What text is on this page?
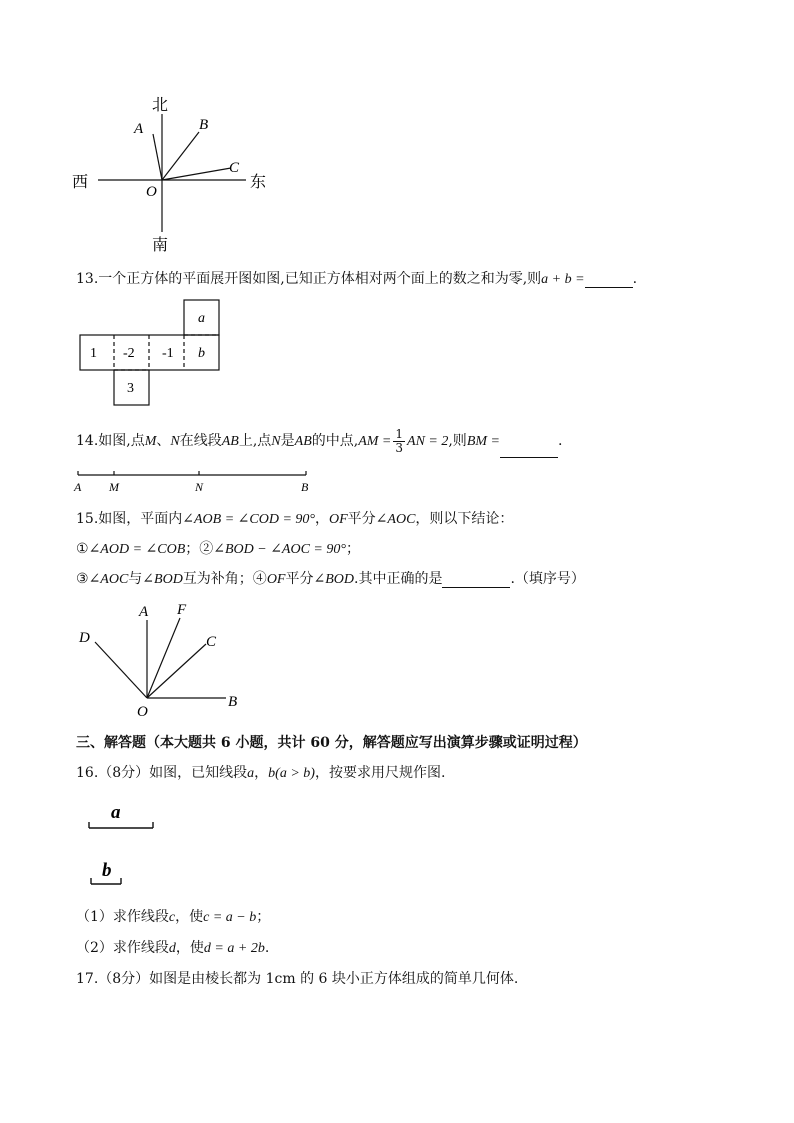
北
南
西	东
O
A	B
C
13.一个正方体的平面展开图如图,已知正方体相对两个面上的数之和为零,则a + b =	.
a
1 -2 -1 b
3
14.如图,点M、N在线段AB上,点N是AB的中点$,AM = \frac{1}{3}$ AN = 2,则BM =	.
A M	N	B
15.如图，平面内∠AOB = ∠COD = 90°，OF平分∠AOC，则以下结论：
①∠AOD = ∠COB；②∠BOD − ∠AOC = 90°；
③∠AOC与∠BOD互为补角；④OF平分∠BOD.其中正确的是	.（填序号）
A F
C
D
B
O
三、解答题（本大题共 6 小题，共计 60 分，解答题应写出演算步骤或证明过程）
16.（8分）如图，已知线段a，b(a > b)，按要求用尺规作图.
a
b
（1）求作线段c，使c = a − b；
（2）求作线段d，使d = a + 2b.
17.（8分）如图是由棱长都为 1cm 的 6 块小正方体组成的简单几何体.
